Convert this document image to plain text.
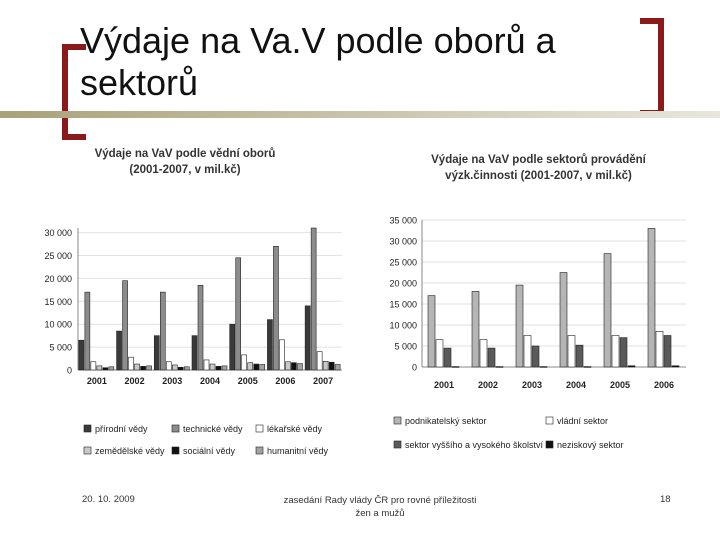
Výdaje na Va.V podle oborů a sektorů
Výdaje na VaV podle vědní oborů
(2001-2007, v mil.kč)
0
5 000
10 000
15 000
20 000
25 000
30 000
2001 2002 2003 2004 2005 2006 2007
přírodní vědy	technické vědy	lékařské vědy
zemědělské vědy sociální vědy	humanitní vědy
Výdaje na VaV podle sektorů provádění
výzk.činnosti (2001-2007, v mil.kč)
0
5 000
10 000
15 000
20 000
25 000
30 000
35 000
2001	2002	2003	2004	2005	2006
podnikatelský sektor	vládní sektor
sektor vyššího a vysokého školství neziskový sektor
20. 10. 2009	zasedání Rady vlády ČR pro rovné příležitosti
žen a mužů
18
